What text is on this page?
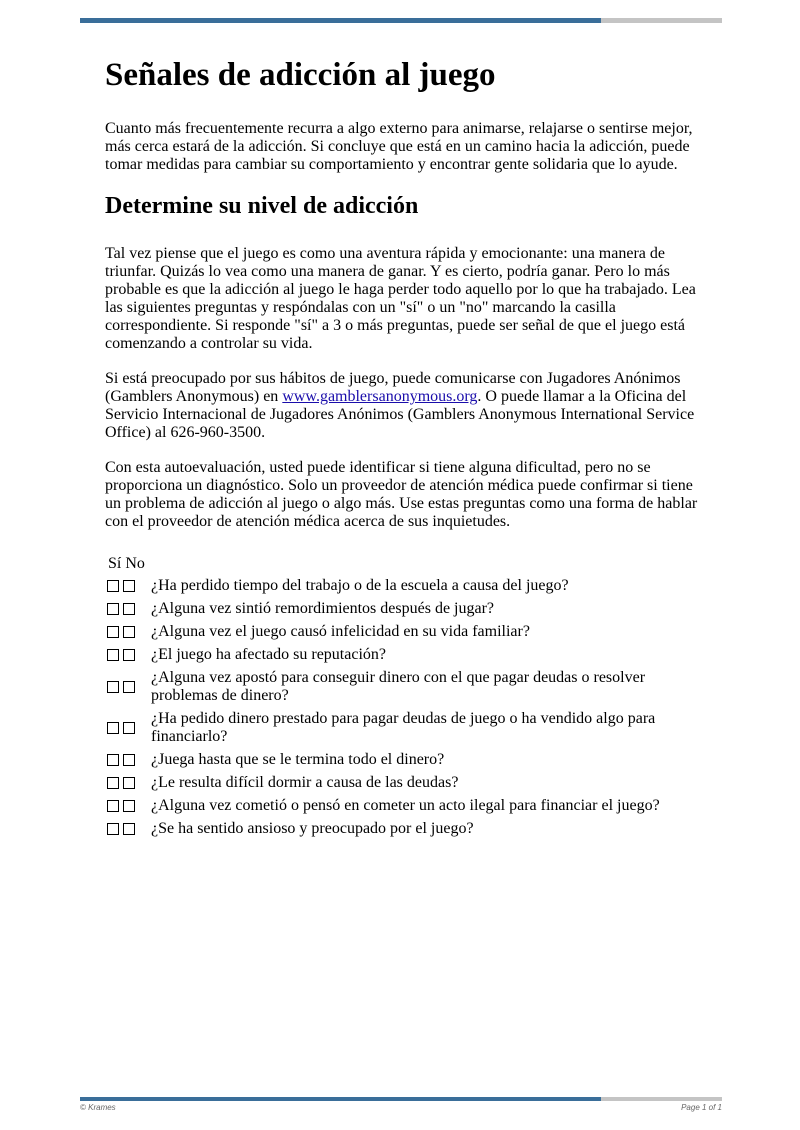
Señales de adicción al juego

Cuanto más frecuentemente recurra a algo externo para animarse, relajarse o sentirse mejor, más cerca estará de la adicción. Si concluye que está en un camino hacia la adicción, puede tomar medidas para cambiar su comportamiento y encontrar gente solidaria que lo ayude.

Determine su nivel de adicción

Tal vez piense que el juego es como una aventura rápida y emocionante: una manera de triunfar. Quizás lo vea como una manera de ganar. Y es cierto, podría ganar. Pero lo más probable es que la adicción al juego le haga perder todo aquello por lo que ha trabajado. Lea las siguientes preguntas y respóndalas con un "sí" o un "no" marcando la casilla correspondiente. Si responde "sí" a 3 o más preguntas, puede ser señal de que el juego está comenzando a controlar su vida.

Si está preocupado por sus hábitos de juego, puede comunicarse con Jugadores Anónimos (Gamblers Anonymous) en www.gamblersanonymous.org. O puede llamar a la Oficina del Servicio Internacional de Jugadores Anónimos (Gamblers Anonymous International Service Office) al 626-960-3500.

Con esta autoevaluación, usted puede identificar si tiene alguna dificultad, pero no se proporciona un diagnóstico. Solo un proveedor de atención médica puede confirmar si tiene un problema de adicción al juego o algo más. Use estas preguntas como una forma de hablar con el proveedor de atención médica acerca de sus inquietudes.

Sí No
¿Ha perdido tiempo del trabajo o de la escuela a causa del juego?
¿Alguna vez sintió remordimientos después de jugar?
¿Alguna vez el juego causó infelicidad en su vida familiar?
¿El juego ha afectado su reputación?
¿Alguna vez apostó para conseguir dinero con el que pagar deudas o resolver problemas de dinero?
¿Ha pedido dinero prestado para pagar deudas de juego o ha vendido algo para financiarlo?
¿Juega hasta que se le termina todo el dinero?
¿Le resulta difícil dormir a causa de las deudas?
¿Alguna vez cometió o pensó en cometer un acto ilegal para financiar el juego?
¿Se ha sentido ansioso y preocupado por el juego?
© Krames	Page 1 of 1
